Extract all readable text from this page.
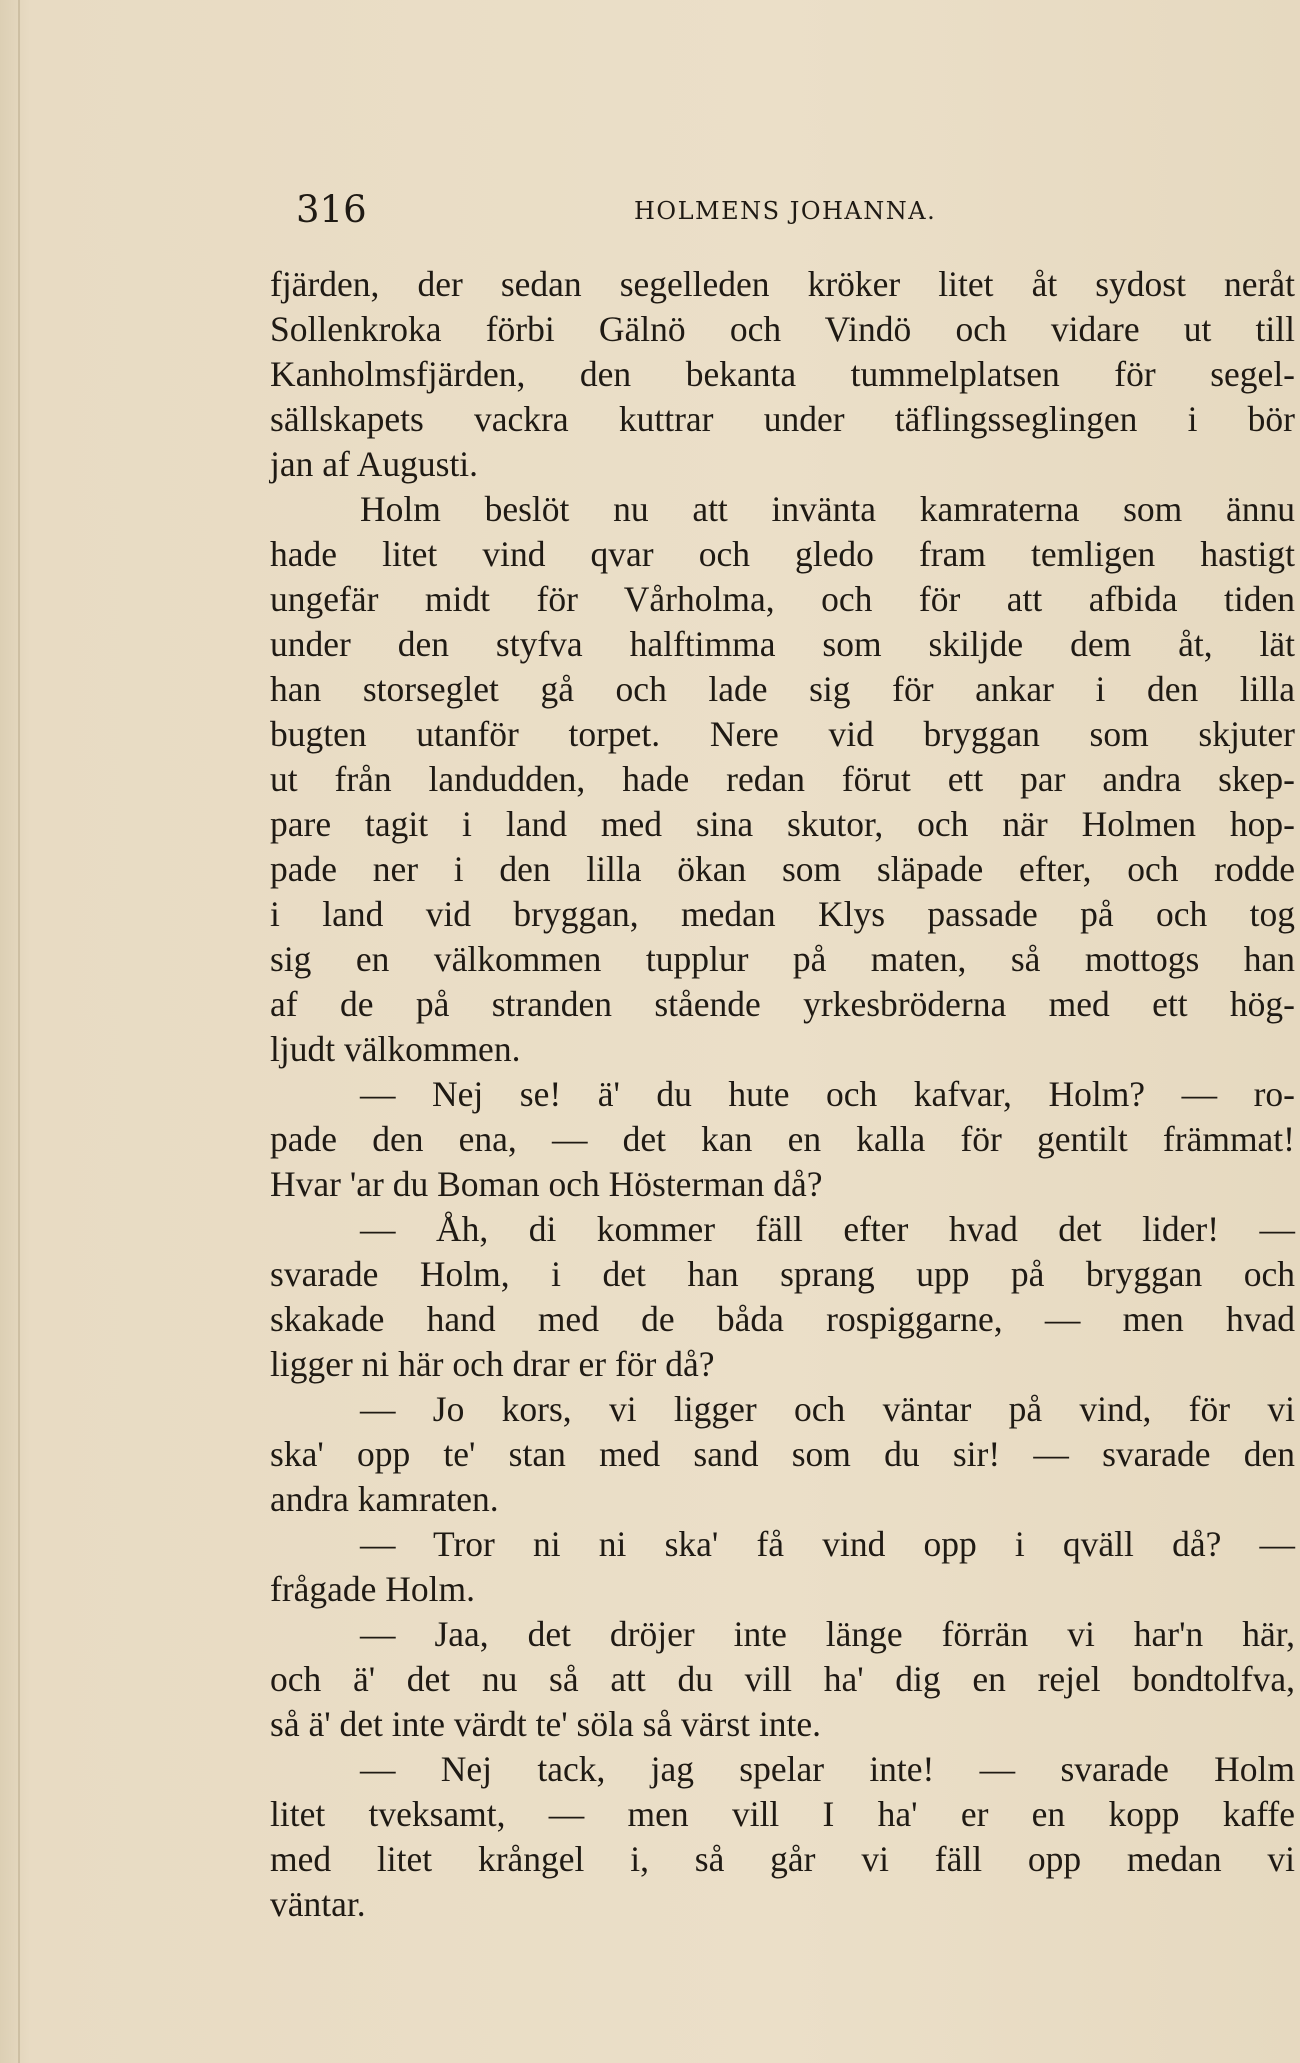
316	HOLMENS JOHANNA.
fjärden, der sedan segelleden kröker litet åt sydost neråt
Sollenkroka förbi Gälnö och Vindö och vidare ut till
Kanholmsfjärden, den bekanta tummelplatsen för segel-
sällskapets vackra kuttrar under täflingsseglingen i bör
jan af Augusti.
Holm beslöt nu att invänta kamraterna som ännu
hade litet vind qvar och gledo fram temligen hastigt
ungefär midt för Vårholma, och för att afbida tiden
under den styfva halftimma som skiljde dem åt, lät
han storseglet gå och lade sig för ankar i den lilla
bugten utanför torpet. Nere vid bryggan som skjuter
ut från landudden, hade redan förut ett par andra skep-
pare tagit i land med sina skutor, och när Holmen hop-
pade ner i den lilla ökan som släpade efter, och rodde
i land vid bryggan, medan Klys passade på och tog
sig en välkommen tupplur på maten, så mottogs han
af de på stranden stående yrkesbröderna med ett hög-
ljudt välkommen.
— Nej se! ä' du hute och kafvar, Holm? — ro-
pade den ena, — det kan en kalla för gentilt främmat!
Hvar 'ar du Boman och Hösterman då?
— Åh, di kommer fäll efter hvad det lider! —
svarade Holm, i det han sprang upp på bryggan och
skakade hand med de båda rospiggarne, — men hvad
ligger ni här och drar er för då?
— Jo kors, vi ligger och väntar på vind, för vi
ska' opp te' stan med sand som du sir! — svarade den
andra kamraten.
— Tror ni ni ska' få vind opp i qväll då? —
frågade Holm.
— Jaa, det dröjer inte länge förrän vi har'n här,
och ä' det nu så att du vill ha' dig en rejel bondtolfva,
så ä' det inte värdt te' söla så värst inte.
— Nej tack, jag spelar inte! — svarade Holm
litet tveksamt, — men vill I ha' er en kopp kaffe
med litet krångel i, så går vi fäll opp medan vi
väntar.
